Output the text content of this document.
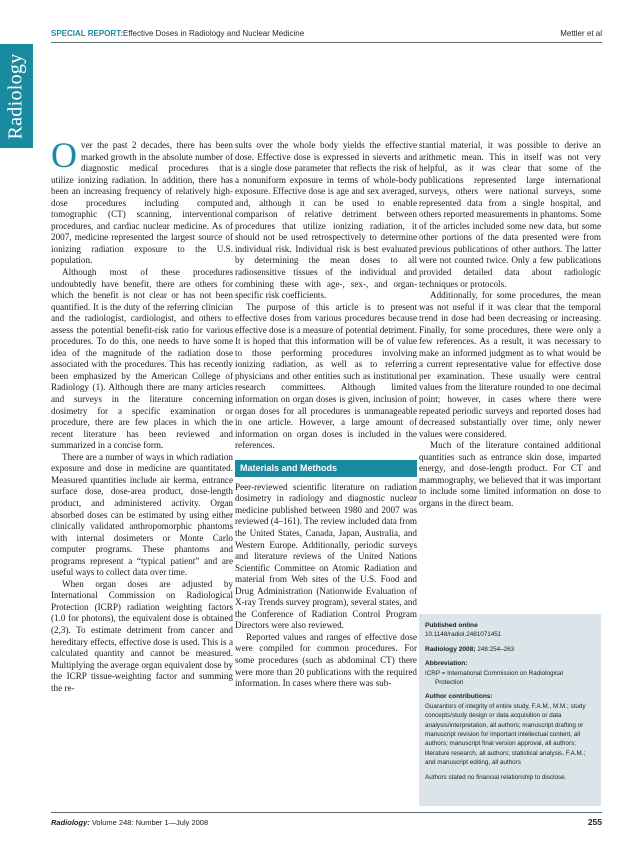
SPECIAL REPORT:Effective Doses in Radiology and Nuclear Medicine	Mettler et al
Radiology

Over the past 2 decades, there has been marked growth in the absolute number of diagnostic medical procedures that utilize ionizing radiation. In addition, there has been an increasing frequency of relatively high-dose procedures including computed tomographic (CT) scanning, interventional procedures, and cardiac nuclear medicine. As of 2007, medicine represented the largest source of ionizing radiation exposure to the U.S. population.

Although most of these procedures undoubtedly have benefit, there are others for which the benefit is not clear or has not been quantified. It is the duty of the referring clinician and the radiologist, cardiologist, and others to assess the potential benefit-risk ratio for various procedures. To do this, one needs to have some idea of the magnitude of the radiation dose associated with the procedures. This has recently been emphasized by the American College of Radiology (1). Although there are many articles and surveys in the literature concerning dosimetry for a specific examination or procedure, there are few places in which the recent literature has been reviewed and summarized in a concise form.

There are a number of ways in which radiation exposure and dose in medicine are quantitated. Measured quantities include air kerma, entrance surface dose, dose-area product, dose-length product, and administered activity. Organ absorbed doses can be estimated by using either clinically validated anthropomorphic phantoms with internal dosimeters or Monte Carlo computer programs. These phantoms and programs represent a “typical patient” and are useful ways to collect data over time.

When organ doses are adjusted by International Commission on Radiological Protection (ICRP) radiation weighting factors (1.0 for photons), the equivalent dose is obtained (2,3). To estimate detriment from cancer and hereditary effects, effective dose is used. This is a calculated quantity and cannot be measured. Multiplying the average organ equivalent dose by the ICRP tissue-weighting factor and summing the re-

sults over the whole body yields the effective dose. Effective dose is expressed in sieverts and is a single dose parameter that reflects the risk of a nonuniform exposure in terms of whole-body exposure. Effective dose is age and sex averaged, and, although it can be used to enable comparison of relative detriment between procedures that utilize ionizing radiation, it should not be used retrospectively to determine individual risk. Individual risk is best evaluated by determining the mean doses to all radiosensitive tissues of the individual and combining these with age-, sex-, and organ-specific risk coefficients.

The purpose of this article is to present effective doses from various procedures because effective dose is a measure of potential detriment. It is hoped that this information will be of value to those performing procedures involving ionizing radiation, as well as to referring physicians and other entities such as institutional research committees. Although limited information on organ doses is given, inclusion of organ doses for all procedures is unmanageable in one article. However, a large amount of information on organ doses is included in the references.

Materials and Methods

Peer-reviewed scientific literature on radiation dosimetry in radiology and diagnostic nuclear medicine published between 1980 and 2007 was reviewed (4–161). The review included data from the United States, Canada, Japan, Australia, and Western Europe. Additionally, periodic surveys and literature reviews of the United Nations Scientific Committee on Atomic Radiation and material from Web sites of the U.S. Food and Drug Administration (Nationwide Evaluation of X-ray Trends survey program), several states, and the Conference of Radiation Control Program Directors were also reviewed.

Reported values and ranges of effective dose were compiled for common procedures. For some procedures (such as abdominal CT) there were more than 20 publications with the required information. In cases where there was sub-

stantial material, it was possible to derive an arithmetic mean. This in itself was not very helpful, as it was clear that some of the publications represented large international surveys, others were national surveys, some represented data from a single hospital, and others reported measurements in phantoms. Some of the articles included some new data, but some other portions of the data presented were from previous publications of other authors. The latter were not counted twice. Only a few publications provided detailed data about radiologic techniques or protocols.

Additionally, for some procedures, the mean was not useful if it was clear that the temporal trend in dose had been decreasing or increasing. Finally, for some procedures, there were only a few references. As a result, it was necessary to make an informed judgment as to what would be a current representative value for effective dose per examination. These usually were central values from the literature rounded to one decimal point; however, in cases where there were repeated periodic surveys and reported doses had decreased substantially over time, only newer values were considered.

Much of the literature contained additional quantities such as entrance skin dose, imparted energy, and dose-length product. For CT and mammography, we believed that it was important to include some limited information on dose to organs in the direct beam.

Published online
10.1148/radiol.2481071451
Radiology 2008; 248:254–263
Abbreviation:
ICRP = International Commission on Radiological
Protection
Author contributions:
Guarantors of integrity of entire study, F.A.M., M.M.; study concepts/study design or data acquisition or data analysis/interpretation, all authors; manuscript drafting or manuscript revision for important intellectual content, all authors; manuscript final version approval, all authors; literature research, all authors; statistical analysis, F.A.M.; and manuscript editing, all authors
Authors stated no financial relationship to disclose.
Radiology: Volume 248: Number 1—July 2008	255
